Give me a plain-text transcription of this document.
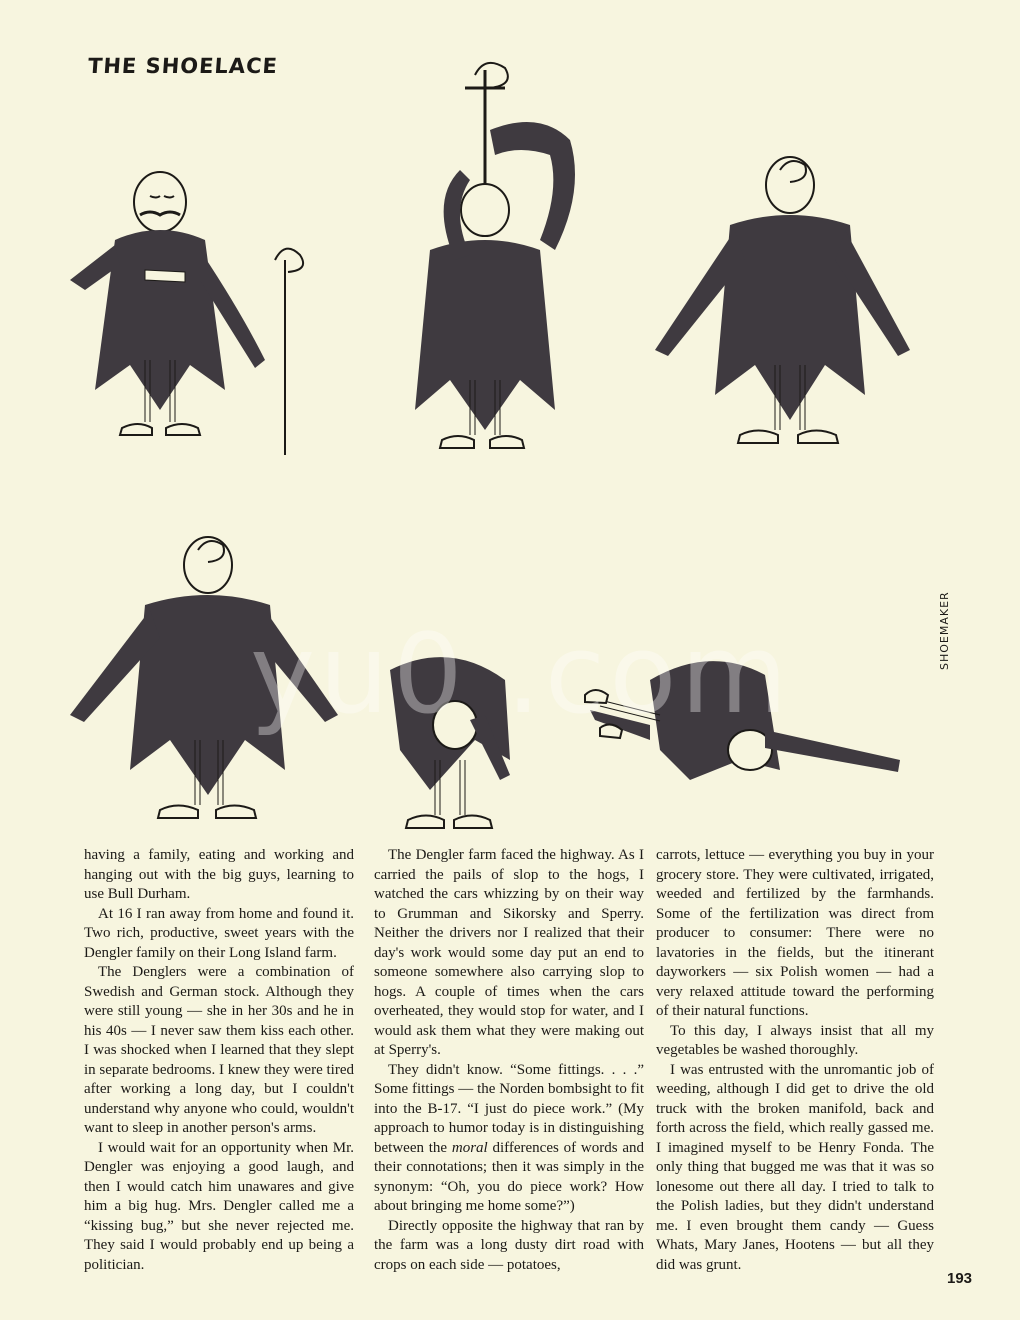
THE SHOELACE
SHOEMAKER
yu0 .com

having a family, eating and working and hanging out with the big guys, learning to use Bull Durham.

At 16 I ran away from home and found it. Two rich, productive, sweet years with the Dengler family on their Long Island farm.

The Denglers were a combination of Swedish and German stock. Although they were still young — she in her 30s and he in his 40s — I never saw them kiss each other. I was shocked when I learned that they slept in separate bedrooms. I knew they were tired after working a long day, but I couldn't understand why anyone who could, wouldn't want to sleep in another person's arms.

I would wait for an opportunity when Mr. Dengler was enjoying a good laugh, and then I would catch him unawares and give him a big hug. Mrs. Dengler called me a “kissing bug,” but she never rejected me. They said I would probably end up being a politician.

The Dengler farm faced the highway. As I carried the pails of slop to the hogs, I watched the cars whizzing by on their way to Grumman and Sikorsky and Sperry. Neither the drivers nor I realized that their day's work would some day put an end to someone somewhere also carrying slop to hogs. A couple of times when the cars overheated, they would stop for water, and I would ask them what they were making out at Sperry's.

They didn't know. “Some fittings. . . .” Some fittings — the Norden bombsight to fit into the B-17. “I just do piece work.” (My approach to humor today is in distinguishing between the moral differences of words and their connotations; then it was simply in the synonym: “Oh, you do piece work? How about bringing me home some?”)

Directly opposite the highway that ran by the farm was a long dusty dirt road with crops on each side — potatoes,

carrots, lettuce — everything you buy in your grocery store. They were cultivated, irrigated, weeded and fertilized by the farmhands. Some of the fertilization was direct from producer to consumer: There were no lavatories in the fields, but the itinerant dayworkers — six Polish women — had a very relaxed attitude toward the performing of their natural functions.

To this day, I always insist that all my vegetables be washed thoroughly.

I was entrusted with the unromantic job of weeding, although I did get to drive the old truck with the broken manifold, back and forth across the field, which really gassed me. I imagined myself to be Henry Fonda. The only thing that bugged me was that it was so lonesome out there all day. I tried to talk to the Polish ladies, but they didn't understand me. I even brought them candy — Guess Whats, Mary Janes, Hootens — but all they did was grunt.

193
